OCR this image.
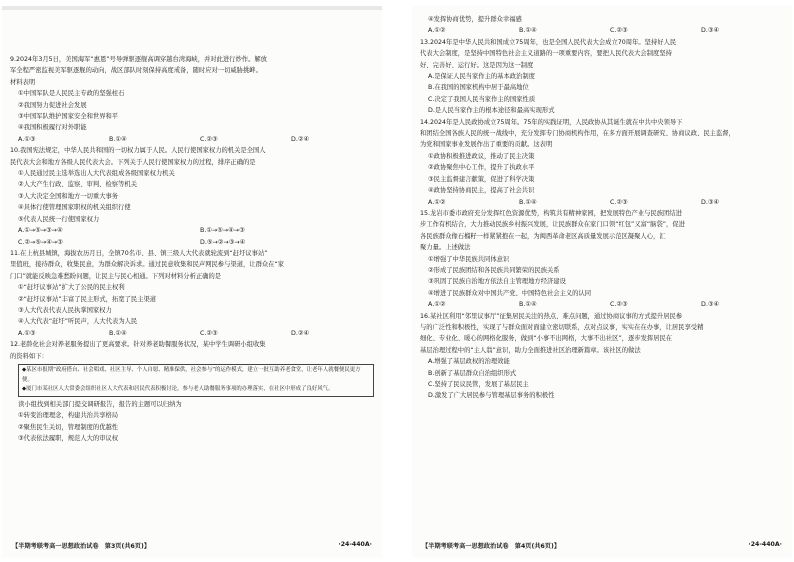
9.2024年3月5日，美国海军“惠恩”号导弹驱逐舰高调穿越台湾海峡，并对此进行炒作。解放
军全程严密监视美军驱逐舰的动向，战区部队时刻保持高度戒备，随时应对一切威胁挑衅。
材料表明
①中国军队是人民民主专政的坚强柱石
②我国努力促进社会发展
③中国军队维护国家安全和世界和平
④我国积极履行对外职能
A.①③	B.①④	C.②③	D.②④
10.我国宪法规定，中华人民共和国的一切权力属于人民。人民行使国家权力的机关是全国人
民代表大会和地方各级人民代表大会。下列关于人民行使国家权力的过程，排序正确的是
①人民通过民主选举选出人大代表组成各级国家权力机关
②人大产生行政、监察、审判、检察等机关
③人大决定全国和地方一切重大事务
④具体行使管理国家职权的机关组织行使
⑤代表人民统一行使国家权力
A.①→⑤→③→④	B.①→⑤→④→③
C.②→⑤→④→③	D.⑤→②→③→④
11.在上杭县城镇，海拔农历月日，全镇70名市、县、镇三级人大代表就轮流到“赶圩议事站”
里值班，接待群众，收集民意，为群众解决诉求。通过民意收集和民声网民参与渠道，让群众在“家
门口”就能反映急难愁盼问题，让民主与民心相通。下列对材料分析正确的是
①“赶圩议事站”扩大了公民的民主权利
②“赶圩议事站”丰富了民主形式，拓宽了民主渠道
③人大代表代表人民执掌国家权力
④人大代表“赶圩”听民声，人大代表为人民
A.①③	B.①④	C.②③	D.②④
12.老龄化社会对养老服务提出了更高要求。针对养老助餐服务状况，某中学生调研小组收集
的资料如下：
◆某区市报期“政府搭台、社会唱戏、社区主导、个人自愿、精准保供，社会参与”的运作模式，建立一批互助养老食堂，让老年人就餐便民更方便。
◆厦门市某社区人大常委会组织社区人大代表和居民代表积极讨论，参与老人助餐服务事项的办理落实，在社区中形成了良好风气。
读小组找到相关部门提交调研报告，报告的主题可以归纳为
①转变治理理念，构建共治共享格局
②聚焦民生关切，管理制度的优越性
③代表依法履职，规范人大的审议权
【半期考联考高一思想政治试卷　第3页(共6页)】	·24-440A·
④发挥协商优势，提升群众幸福感
A.①②	B.①④	C.②③	D.③④
13.2024年是中华人民共和国成立75周年，也是全国人民代表大会成立70周年。坚持好人民
代表大会制度，是坚持中国特色社会主义道路的一项重要内容，要把人民代表大会制度坚持
好、完善好、运行好。这是因为这一制度
A.是保证人民当家作主的基本政治制度
B.在我国的国家机构中居于最高地位
C.决定了我国人民当家作主的国家性质
D.是人民当家作主的根本途径和最高实现形式
14.2024年是人民政协成立75周年。75年的实践证明，人民政协从其诞生就在中共中央领导下
和团结全国各族人民的统一战线中，充分发挥专门协商机构作用，在多方面开展调查研究、协商议政、民主监督，
为党和国家事业发展作出了重要的贡献。这表明
①政协积极推进政议，推动了民主决策
②政协聚焦中心工作，提升了执政水平
③民主监督建言献策，促进了科学决策
④政协坚持协商民主，提高了社会共识
A.①②	B.①④	C.②③	D.③④
15.龙岩市委市政府充分发挥红色资源优势，构筑共有精神家园，把发展特色产业与民族团结进
步工作有机结合，大力推动民族乡村振兴发展，让民族群众在家门口领“红包”又富“脑袋”，促进
各民族群众像石榴籽一样紧紧抱在一起，为闽西革命老区高质量发展示范区凝聚人心，汇
聚力量。上述做法
①增强了中华民族共同体意识
②形成了民族团结和各民族共同繁荣的民族关系
③巩固了民族自治地方依法自主管理地方经济建设
④增进了民族群众对中国共产党、中国特色社会主义的认同
A.①②	B.①④	C.②③	D.③④
16.某社区利用“邻里议事厅”征集居民关注的热点、难点问题，通过协商议事的方式提升居民参
与的广泛性和积极性，实现了与群众面对面建立密切联系，点对点议事，实实在在办事，让居民享受精
细化、专业化、暖心的网格化服务，做到“小事不出网格，大事不出社区”，逐步发挥居民在
基层治理过程中的“主人翁”意识，助力全面推进社区治理新篇章。该社区的做法
A.增强了基层政权的治理效能
B.创新了基层群众自治组织形式
C.坚持了民议民管，发展了基层民主
D.激发了广大居民参与管理基层事务的积极性
【半期考联考高一思想政治试卷　第4页(共6页)】	·24-440A·
